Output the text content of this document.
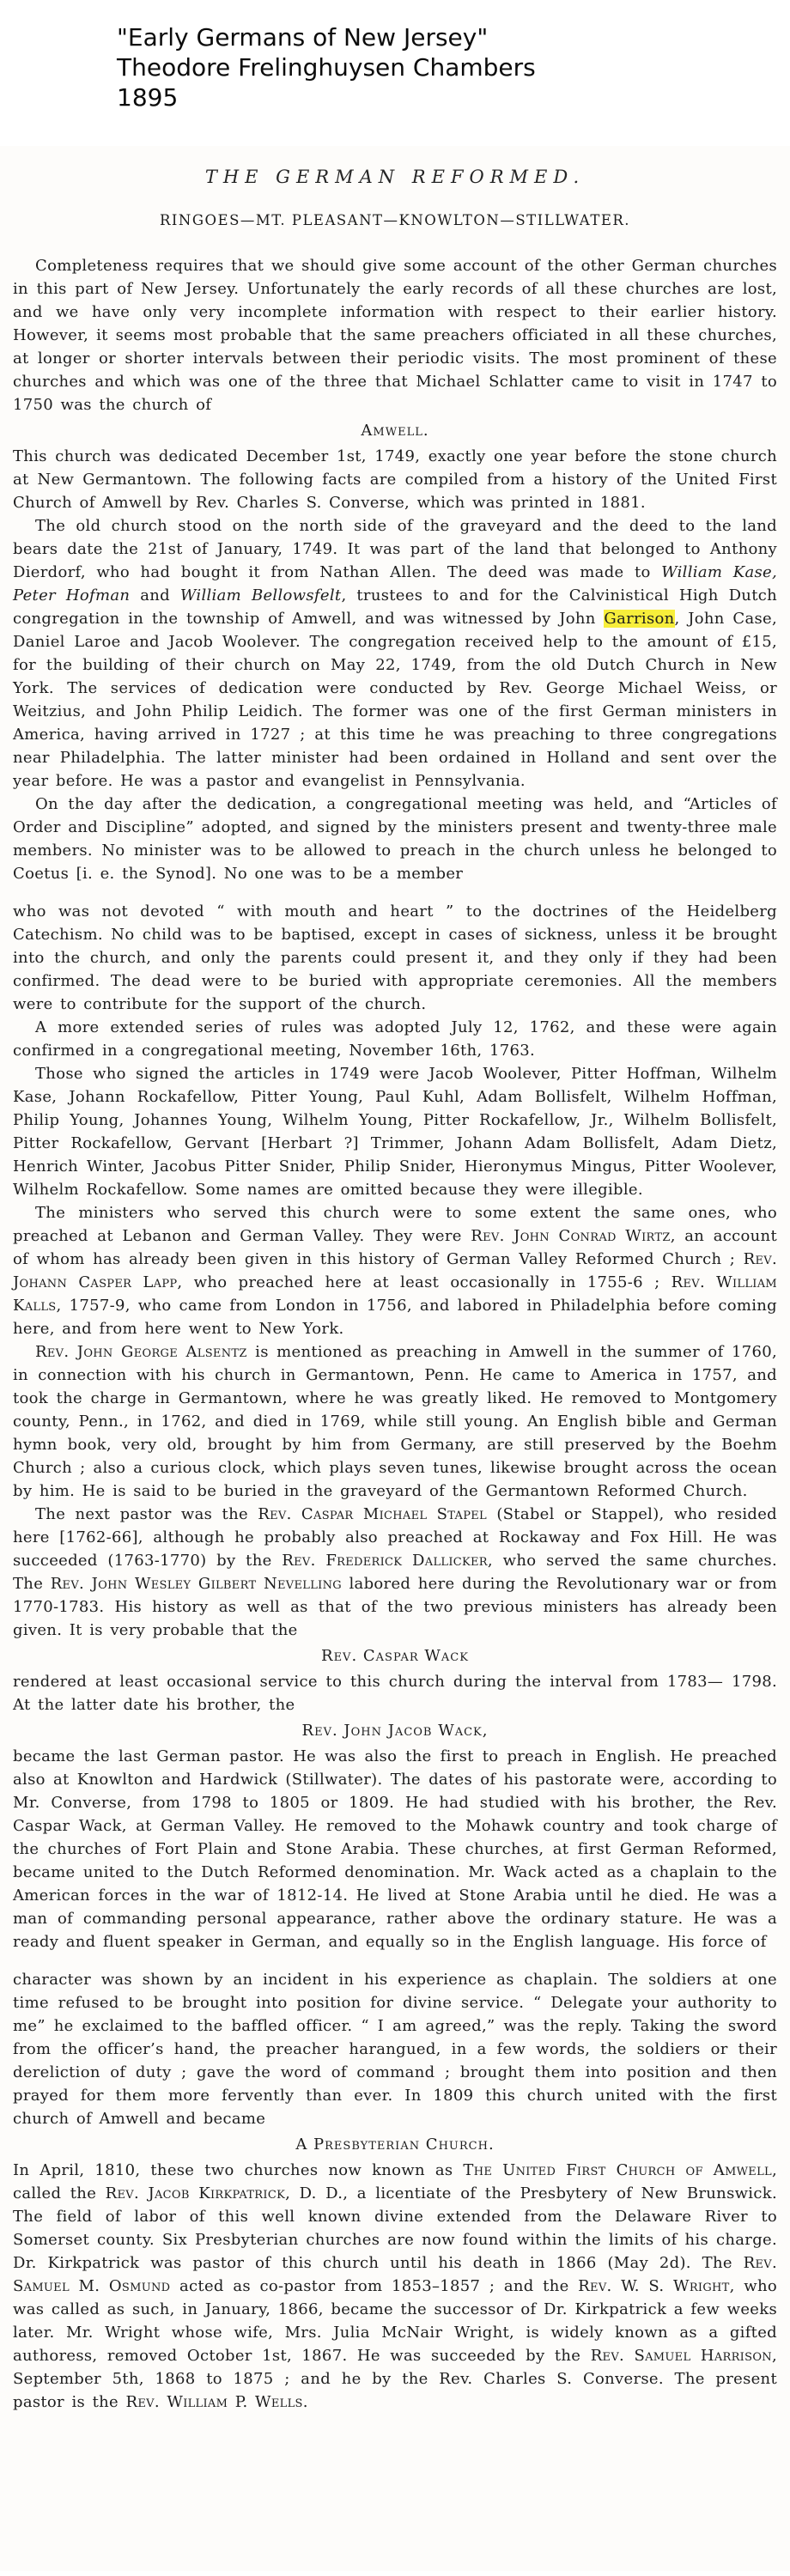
"Early Germans of New Jersey"
Theodore Frelinghuysen Chambers
1895
THE GERMAN REFORMED.
RINGOES—MT. PLEASANT—KNOWLTON—STILLWATER.

Completeness requires that we should give some account of the other German churches in this part of New Jersey. Unfortunately the early records of all these churches are lost, and we have only very incomplete information with respect to their earlier history. However, it seems most probable that the same preachers officiated in all these churches, at longer or shorter intervals between their periodic visits. The most prominent of these churches and which was one of the three that Michael Schlatter came to visit in 1747 to 1750 was the church of

Amwell.

This church was dedicated December 1st, 1749, exactly one year before the stone church at New Germantown. The following facts are compiled from a history of the United First Church of Amwell by Rev. Charles S. Converse, which was printed in 1881.

The old church stood on the north side of the graveyard and the deed to the land bears date the 21st of January, 1749. It was part of the land that belonged to Anthony Dierdorf, who had bought it from Nathan Allen. The deed was made to William Kase, Peter Hofman and William Bellowsfelt, trustees to and for the Calvinistical High Dutch congregation in the township of Amwell, and was witnessed by John Garrison, John Case, Daniel Laroe and Jacob Woolever. The congregation received help to the amount of £15, for the building of their church on May 22, 1749, from the old Dutch Church in New York. The services of dedication were conducted by Rev. George Michael Weiss, or Weitzius, and John Philip Leidich. The former was one of the first German ministers in America, having arrived in 1727 ; at this time he was preaching to three congregations near Philadelphia. The latter minister had been ordained in Holland and sent over the year before. He was a pastor and evangelist in Pennsylvania.

On the day after the dedication, a congregational meeting was held, and “Articles of Order and Discipline” adopted, and signed by the ministers present and twenty-three male members. No minister was to be allowed to preach in the church unless he belonged to Coetus [i. e. the Synod]. No one was to be a member

who was not devoted “ with mouth and heart ” to the doctrines of the Heidelberg Catechism. No child was to be baptised, except in cases of sickness, unless it be brought into the church, and only the parents could present it, and they only if they had been confirmed. The dead were to be buried with appropriate ceremonies. All the members were to contribute for the support of the church.

A more extended series of rules was adopted July 12, 1762, and these were again confirmed in a congregational meeting, November 16th, 1763.

Those who signed the articles in 1749 were Jacob Woolever, Pitter Hoffman, Wilhelm Kase, Johann Rockafellow, Pitter Young, Paul Kuhl, Adam Bollisfelt, Wilhelm Hoffman, Philip Young, Johannes Young, Wilhelm Young, Pitter Rockafellow, Jr., Wilhelm Bollisfelt, Pitter Rockafellow, Gervant [Herbart ?] Trimmer, Johann Adam Bollisfelt, Adam Dietz, Henrich Winter, Jacobus Pitter Snider, Philip Snider, Hieronymus Mingus, Pitter Woolever, Wilhelm Rockafellow. Some names are omitted because they were illegible.

The ministers who served this church were to some extent the same ones, who preached at Lebanon and German Valley. They were Rev. John Conrad Wirtz, an account of whom has already been given in this history of German Valley Reformed Church ; Rev. Johann Casper Lapp, who preached here at least occasionally in 1755-6 ; Rev. William Kalls, 1757-9, who came from London in 1756, and labored in Philadelphia before coming here, and from here went to New York.

Rev. John George Alsentz is mentioned as preaching in Amwell in the summer of 1760, in connection with his church in Germantown, Penn. He came to America in 1757, and took the charge in Germantown, where he was greatly liked. He removed to Montgomery county, Penn., in 1762, and died in 1769, while still young. An English bible and German hymn book, very old, brought by him from Germany, are still preserved by the Boehm Church ; also a curious clock, which plays seven tunes, likewise brought across the ocean by him. He is said to be buried in the graveyard of the Germantown Reformed Church.

The next pastor was the Rev. Caspar Michael Stapel (Stabel or Stappel), who resided here [1762-66], although he probably also preached at Rockaway and Fox Hill. He was succeeded (1763-1770) by the Rev. Frederick Dallicker, who served the same churches. The Rev. John Wesley Gilbert Nevelling labored here during the Revolutionary war or from 1770-1783. His history as well as that of the two previous ministers has already been given. It is very probable that the

Rev. Caspar Wack

rendered at least occasional service to this church during the interval from 1783— 1798. At the latter date his brother, the

Rev. John Jacob Wack,

became the last German pastor. He was also the first to preach in English. He preached also at Knowlton and Hardwick (Stillwater). The dates of his pastorate were, according to Mr. Converse, from 1798 to 1805 or 1809. He had studied with his brother, the Rev. Caspar Wack, at German Valley. He removed to the Mohawk country and took charge of the churches of Fort Plain and Stone Arabia. These churches, at first German Reformed, became united to the Dutch Reformed denomination. Mr. Wack acted as a chaplain to the American forces in the war of 1812-14. He lived at Stone Arabia until he died. He was a man of commanding personal appearance, rather above the ordinary stature. He was a ready and fluent speaker in German, and equally so in the English language. His force of

character was shown by an incident in his experience as chaplain. The soldiers at one time refused to be brought into position for divine service. “ Delegate your authority to me” he exclaimed to the baffled officer. “ I am agreed,” was the reply. Taking the sword from the officer’s hand, the preacher harangued, in a few words, the soldiers or their dereliction of duty ; gave the word of command ; brought them into position and then prayed for them more fervently than ever. In 1809 this church united with the first church of Amwell and became

A Presbyterian Church.

In April, 1810, these two churches now known as The United First Church of Amwell, called the Rev. Jacob Kirkpatrick, D. D., a licentiate of the Presbytery of New Brunswick. The field of labor of this well known divine extended from the Delaware River to Somerset county. Six Presbyterian churches are now found within the limits of his charge. Dr. Kirkpatrick was pastor of this church until his death in 1866 (May 2d). The Rev. Samuel M. Osmund acted as co-pastor from 1853–1857 ; and the Rev. W. S. Wright, who was called as such, in January, 1866, became the successor of Dr. Kirkpatrick a few weeks later. Mr. Wright whose wife, Mrs. Julia McNair Wright, is widely known as a gifted authoress, removed October 1st, 1867. He was succeeded by the Rev. Samuel Harrison, September 5th, 1868 to 1875 ; and he by the Rev. Charles S. Converse. The present pastor is the Rev. William P. Wells.
